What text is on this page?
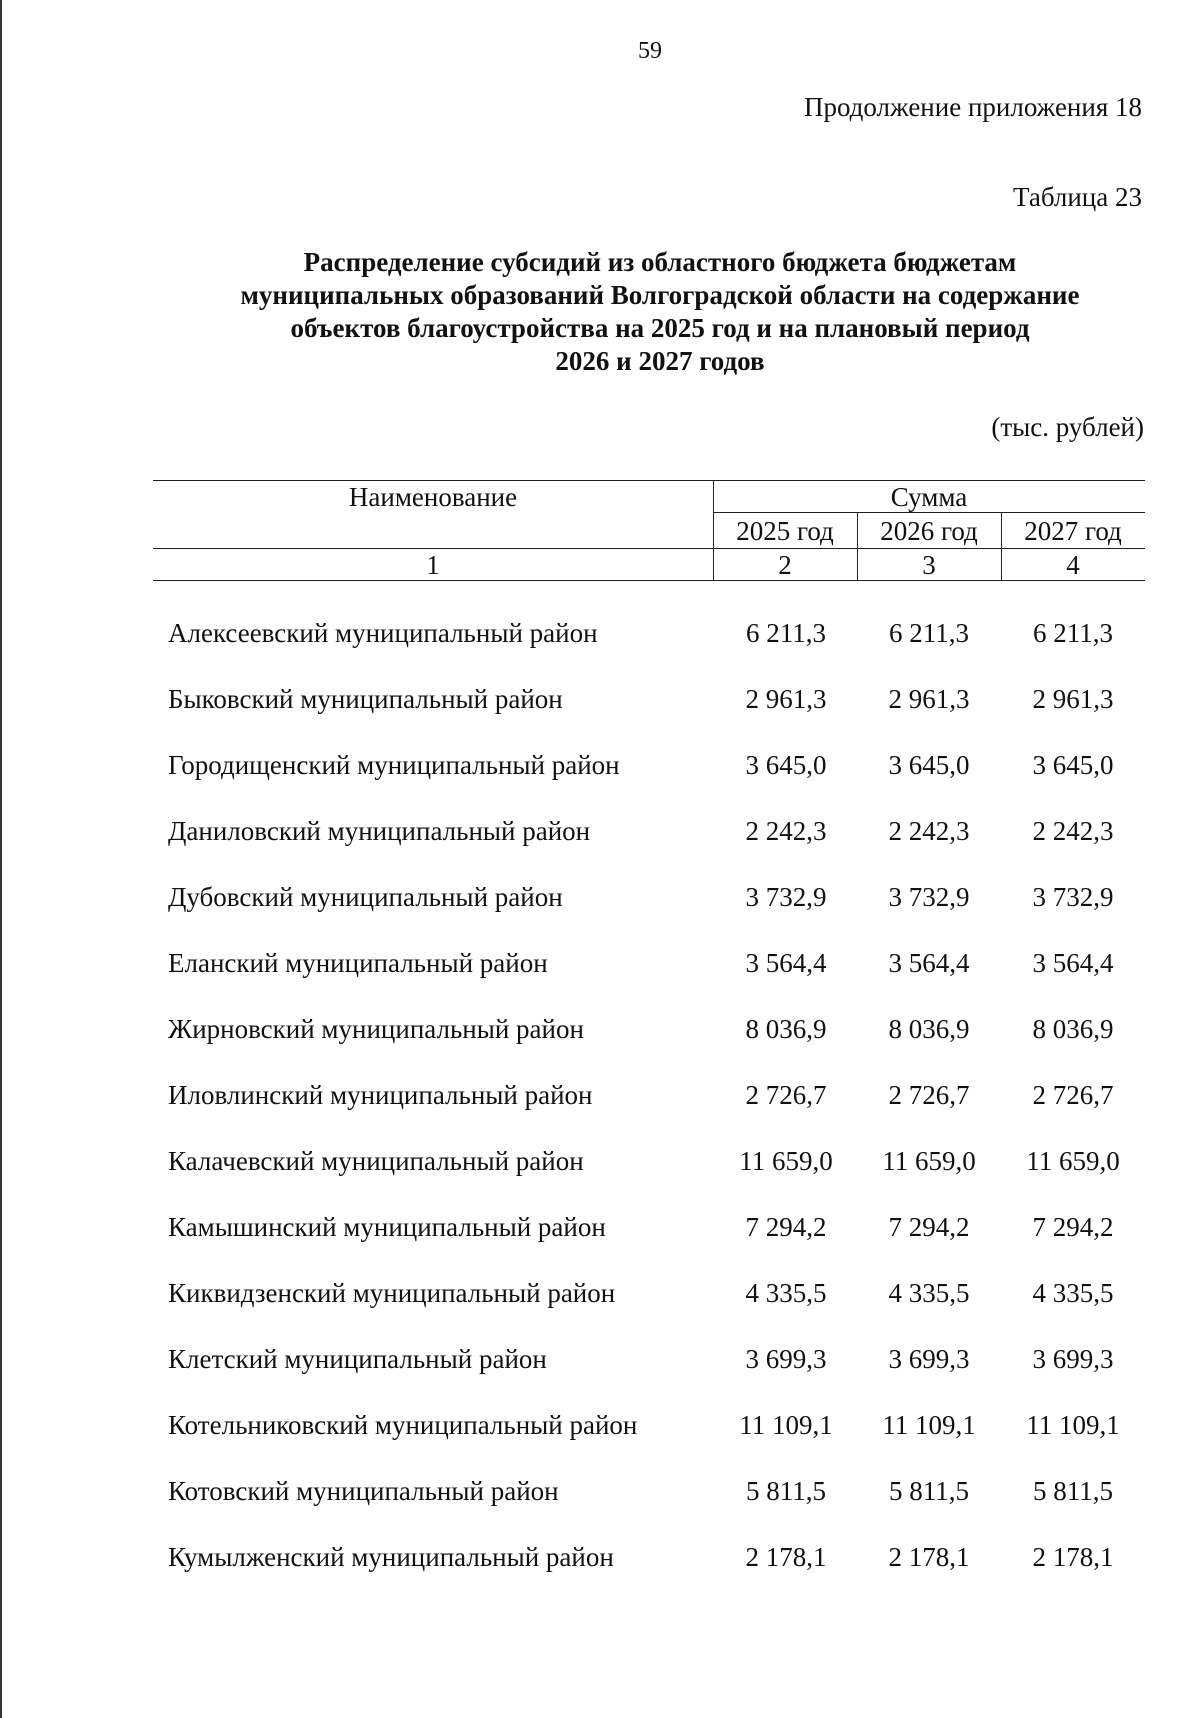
59
Продолжение приложения 18
Таблица 23
Распределение субсидий из областного бюджета бюджетам
муниципальных образований Волгоградской области на содержание
объектов благоустройства на 2025 год и на плановый период
2026 и 2027 годов
(тыс. рублей)
Наименование	Сумма
2025 год	2026 год	2027 год
1	2	3	4
Алексеевский муниципальный район	6 211,3	6 211,3	6 211,3
Быковский муниципальный район	2 961,3	2 961,3	2 961,3
Городищенский муниципальный район	3 645,0	3 645,0	3 645,0
Даниловский муниципальный район	2 242,3	2 242,3	2 242,3
Дубовский муниципальный район	3 732,9	3 732,9	3 732,9
Еланский муниципальный район	3 564,4	3 564,4	3 564,4
Жирновский муниципальный район	8 036,9	8 036,9	8 036,9
Иловлинский муниципальный район	2 726,7	2 726,7	2 726,7
Калачевский муниципальный район	11 659,0	11 659,0	11 659,0
Камышинский муниципальный район	7 294,2	7 294,2	7 294,2
Киквидзенский муниципальный район	4 335,5	4 335,5	4 335,5
Клетский муниципальный район	3 699,3	3 699,3	3 699,3
Котельниковский муниципальный район	11 109,1	11 109,1	11 109,1
Котовский муниципальный район	5 811,5	5 811,5	5 811,5
Кумылженский муниципальный район	2 178,1	2 178,1	2 178,1
